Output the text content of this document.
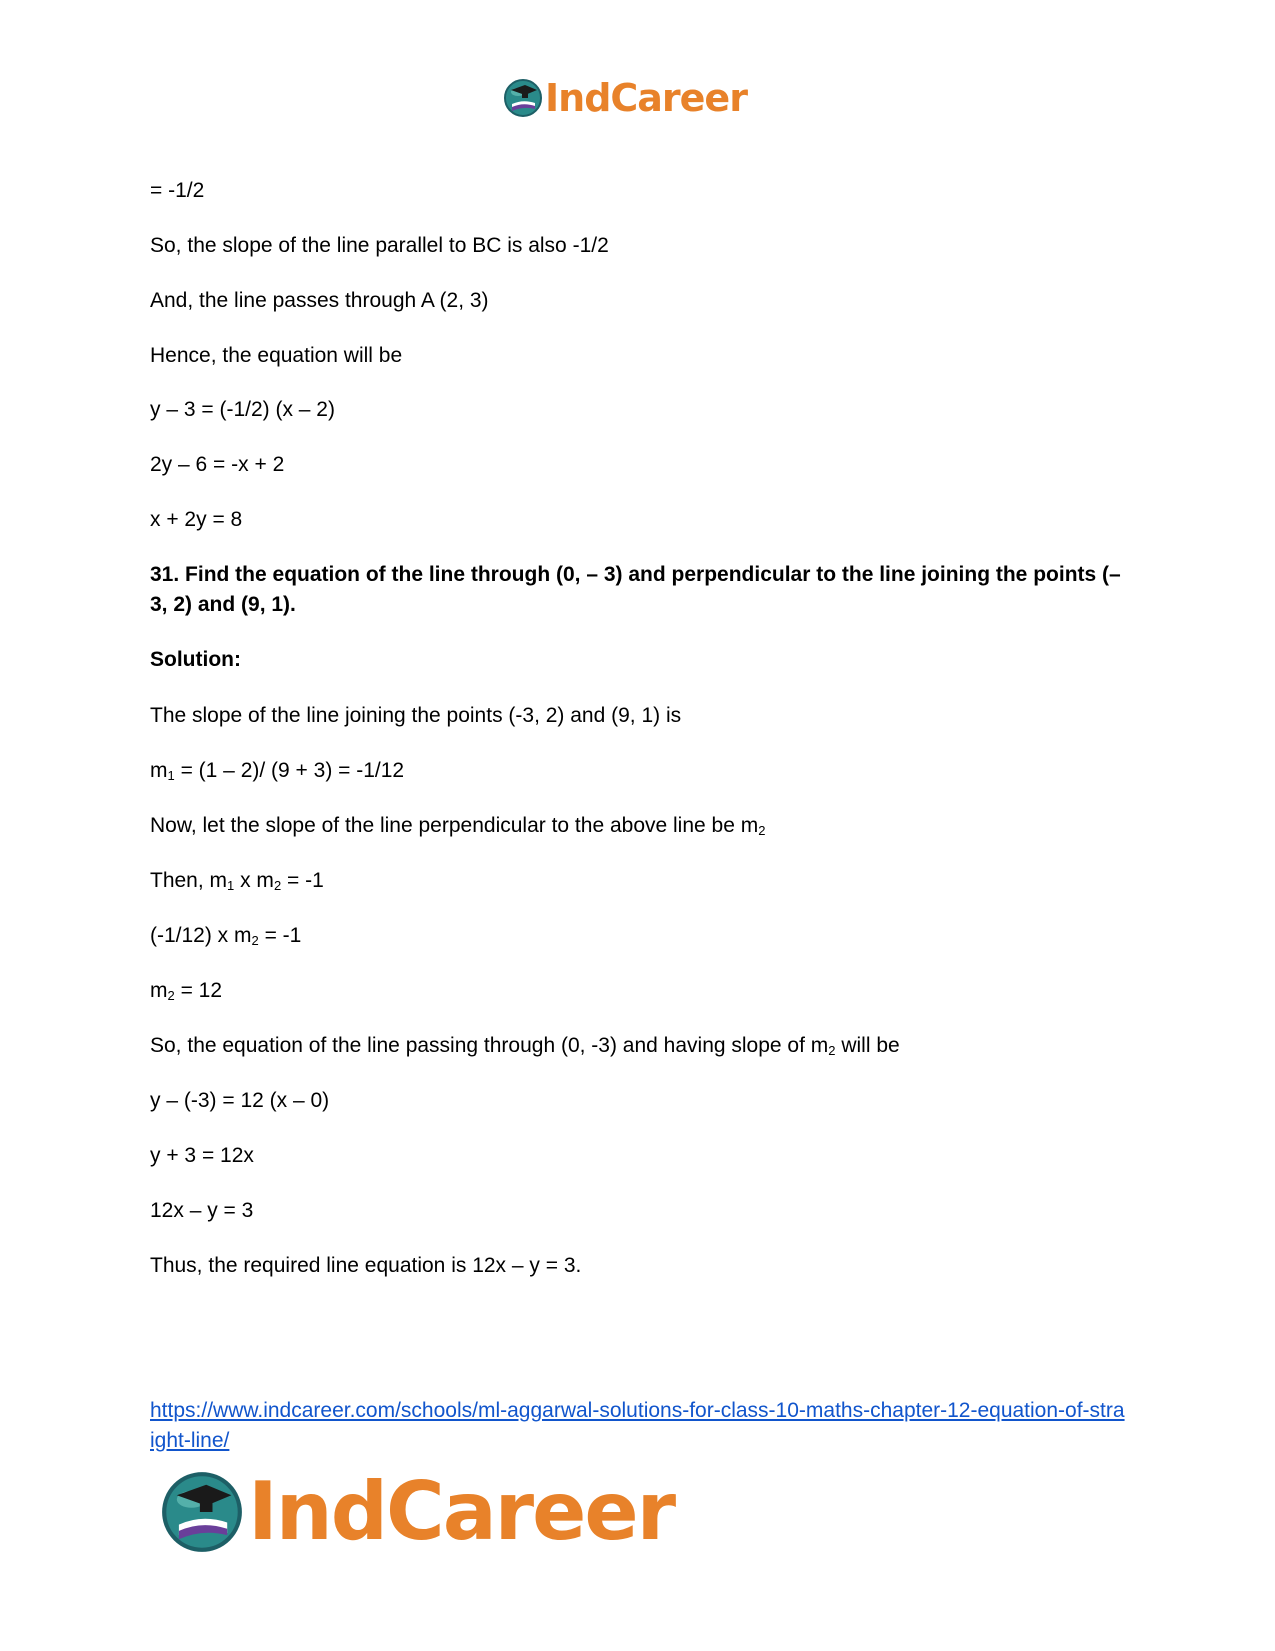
IndCareer
= -1/2
So, the slope of the line parallel to BC is also -1/2
And, the line passes through A (2, 3)
Hence, the equation will be
y – 3 = (-1/2) (x – 2)
2y – 6 = -x + 2
x + 2y = 8
31. Find the equation of the line through (0, – 3) and perpendicular to the line joining the points (– 3, 2) and (9, 1).
Solution:
The slope of the line joining the points (-3, 2) and (9, 1) is
$m_1 = (1 - 2)/$ (9 + 3) = -1/12
Now, let the slope of the line perpendicular to the above line be $m_2$
Then, $m_1$ x $m_2 = -1$
(-1/12) x $m_2 = -1$
$m_2 = 12$
So, the equation of the line passing through (0, -3) and having slope of $m_2$ will be
y – (-3) = 12 (x – 0)
y + 3 = 12x
12x – y = 3
Thus, the required line equation is 12x – y = 3.
https://www.indcareer.com/schools/ml-aggarwal-solutions-for-class-10-maths-chapter-12-equation-of-straight-line/
IndCareer
